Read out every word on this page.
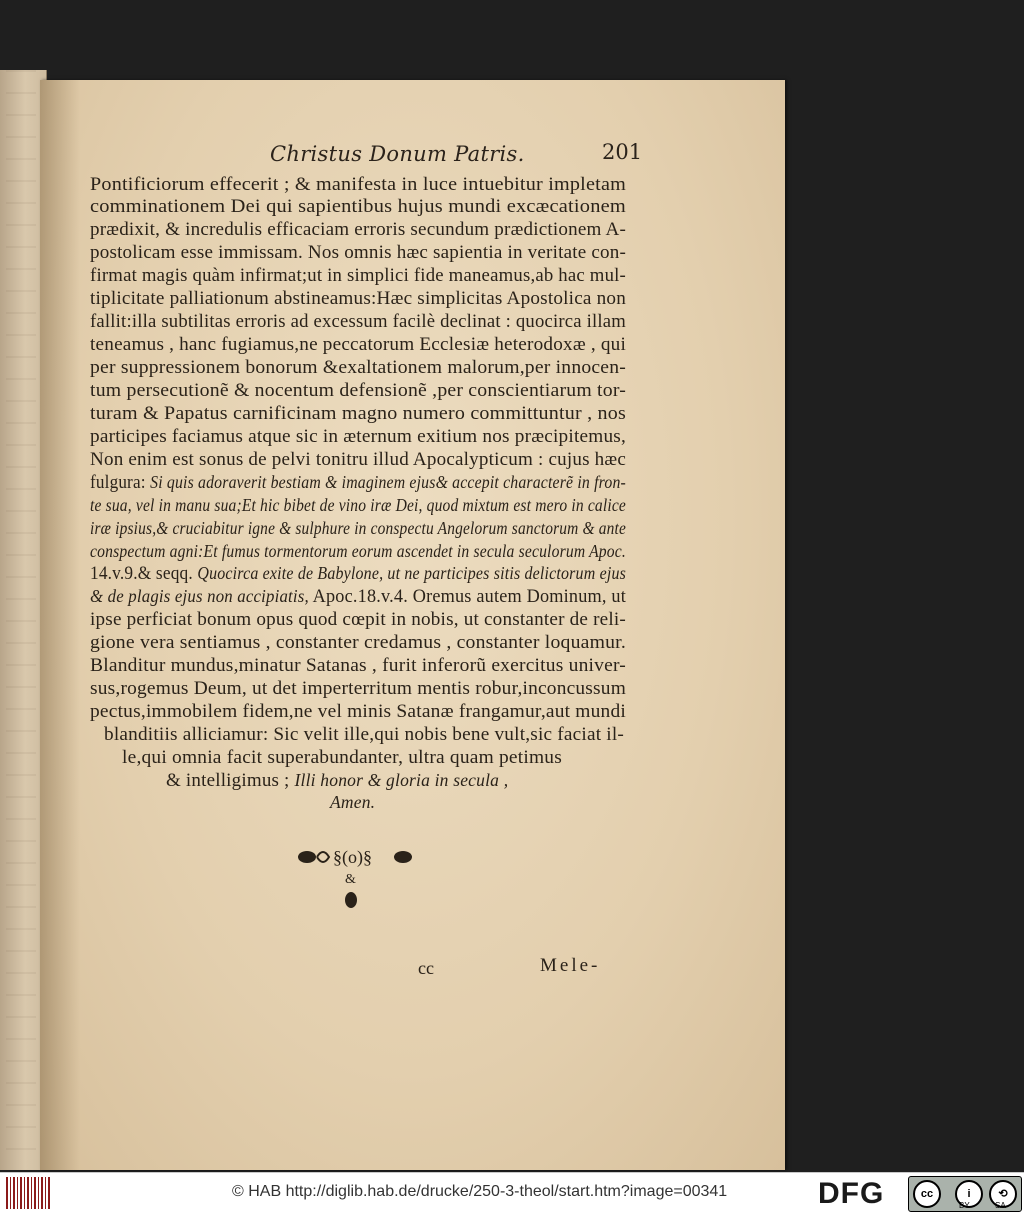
Christus Donum Patris.	201
Pontificiorum effecerit ; & manifesta in luce intuebitur impletam
comminationem Dei qui sapientibus hujus mundi excæcationem
prædixit, & incredulis efficaciam erroris secundum prædictionem A-
postolicam esse immissam. Nos omnis hæc sapientia in veritate con-
firmat magis quàm infirmat;ut in simplici fide maneamus,ab hac mul-
tiplicitate palliationum abstineamus:Hæc simplicitas Apostolica non
fallit:illa subtilitas erroris ad excessum facilè declinat : quocirca illam
teneamus , hanc fugiamus,ne peccatorum Ecclesiæ heterodoxæ , qui
per suppressionem bonorum &exaltationem malorum,per innocen-
tum persecutionẽ & nocentum defensionẽ ,per conscientiarum tor-
turam & Papatus carnificinam magno numero committuntur , nos
participes faciamus atque sic in æternum exitium nos præcipitemus,
Non enim est sonus de pelvi tonitru illud Apocalypticum : cujus hæc
fulgura: Si quis adoraverit bestiam & imaginem ejus& accepit characterẽ in fron-
te sua, vel in manu sua;Et hic bibet de vino iræ Dei, quod mixtum est mero in calice
iræ ipsius,& cruciabitur igne & sulphure in conspectu Angelorum sanctorum & ante
conspectum agni:Et fumus tormentorum eorum ascendet in secula seculorum Apoc.
14.v.9.& seqq. Quocirca exite de Babylone, ut ne participes sitis delictorum ejus
& de plagis ejus non accipiatis, Apoc.18.v.4. Oremus autem Dominum, ut
ipse perficiat bonum opus quod cœpit in nobis, ut constanter de reli-
gione vera sentiamus , constanter credamus , constanter loquamur.
Blanditur mundus,minatur Satanas , furit inferorũ exercitus univer-
sus,rogemus Deum, ut det imperterritum mentis robur,inconcussum
pectus,immobilem fidem,ne vel minis Satanæ frangamur,aut mundi
blanditiis alliciamur: Sic velit ille,qui nobis bene vult,sic faciat il-
le,qui omnia facit superabundanter, ultra quam petimus
& intelligimus ; Illi honor & gloria in secula ,
Amen.
§(o)§
&
cc	Mele-
© HAB http://diglib.hab.de/drucke/250-3-theol/start.htm?image=00341	DFG	cc	i	⟲
BY	SA
